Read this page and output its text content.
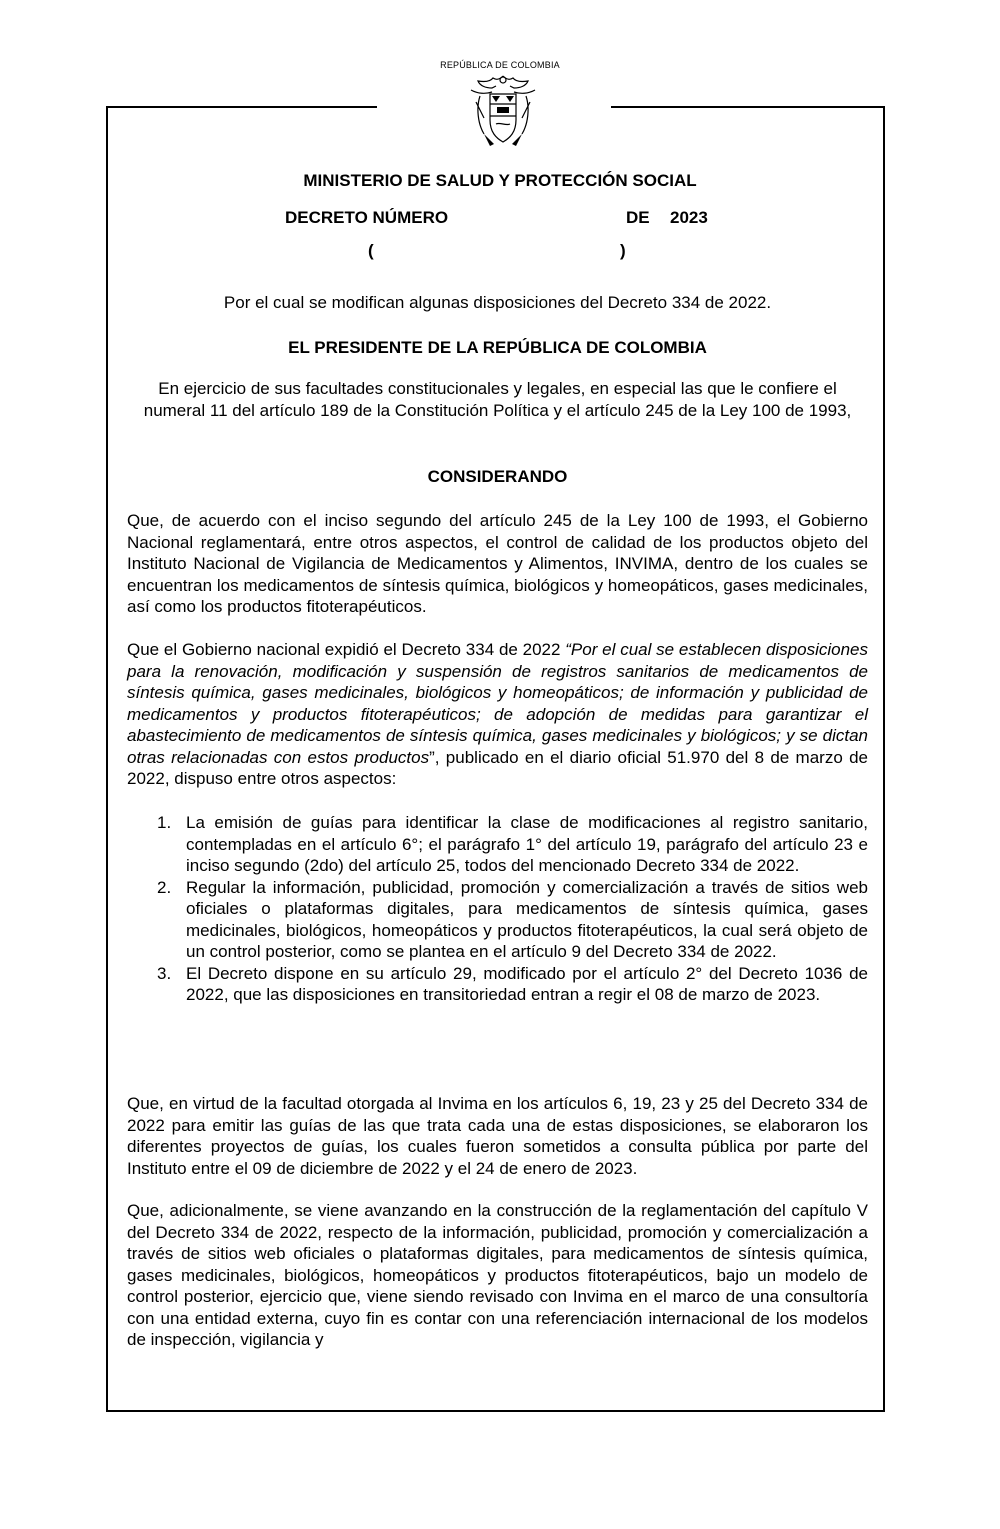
REPÚBLICA DE COLOMBIA
MINISTERIO DE SALUD Y PROTECCIÓN SOCIAL
DECRETO NÚMERO	DE 2023
(	)
Por el cual se modifican algunas disposiciones del Decreto 334 de 2022.
EL PRESIDENTE DE LA REPÚBLICA DE COLOMBIA
En ejercicio de sus facultades constitucionales y legales, en especial las que le confiere el numeral 11 del artículo 189 de la Constitución Política y el artículo 245 de la Ley 100 de 1993,
CONSIDERANDO
Que, de acuerdo con el inciso segundo del artículo 245 de la Ley 100 de 1993, el Gobierno Nacional reglamentará, entre otros aspectos, el control de calidad de los productos objeto del Instituto Nacional de Vigilancia de Medicamentos y Alimentos, INVIMA, dentro de los cuales se encuentran los medicamentos de síntesis química, biológicos y homeopáticos, gases medicinales, así como los productos fitoterapéuticos.
Que el Gobierno nacional expidió el Decreto 334 de 2022 “Por el cual se establecen disposiciones para la renovación, modificación y suspensión de registros sanitarios de medicamentos de síntesis química, gases medicinales, biológicos y homeopáticos; de información y publicidad de medicamentos y productos fitoterapéuticos; de adopción de medidas para garantizar el abastecimiento de medicamentos de síntesis química, gases medicinales y biológicos; y se dictan otras relacionadas con estos productos”, publicado en el diario oficial 51.970 del 8 de marzo de 2022, dispuso entre otros aspectos:
1. La emisión de guías para identificar la clase de modificaciones al registro sanitario, contempladas en el artículo 6°; el parágrafo 1° del artículo 19, parágrafo del artículo 23 e inciso segundo (2do) del artículo 25, todos del mencionado Decreto 334 de 2022.
2. Regular la información, publicidad, promoción y comercialización a través de sitios web oficiales o plataformas digitales, para medicamentos de síntesis química, gases medicinales, biológicos, homeopáticos y productos fitoterapéuticos, la cual será objeto de un control posterior, como se plantea en el artículo 9 del Decreto 334 de 2022.
3. El Decreto dispone en su artículo 29, modificado por el artículo 2° del Decreto 1036 de 2022, que las disposiciones en transitoriedad entran a regir el 08 de marzo de 2023.
Que, en virtud de la facultad otorgada al Invima en los artículos 6, 19, 23 y 25 del Decreto 334 de 2022 para emitir las guías de las que trata cada una de estas disposiciones, se elaboraron los diferentes proyectos de guías, los cuales fueron sometidos a consulta pública por parte del Instituto entre el 09 de diciembre de 2022 y el 24 de enero de 2023.
Que, adicionalmente, se viene avanzando en la construcción de la reglamentación del capítulo V del Decreto 334 de 2022, respecto de la información, publicidad, promoción y comercialización a través de sitios web oficiales o plataformas digitales, para medicamentos de síntesis química, gases medicinales, biológicos, homeopáticos y productos fitoterapéuticos, bajo un modelo de control posterior, ejercicio que, viene siendo revisado con Invima en el marco de una consultoría con una entidad externa, cuyo fin es contar con una referenciación internacional de los modelos de inspección, vigilancia y
